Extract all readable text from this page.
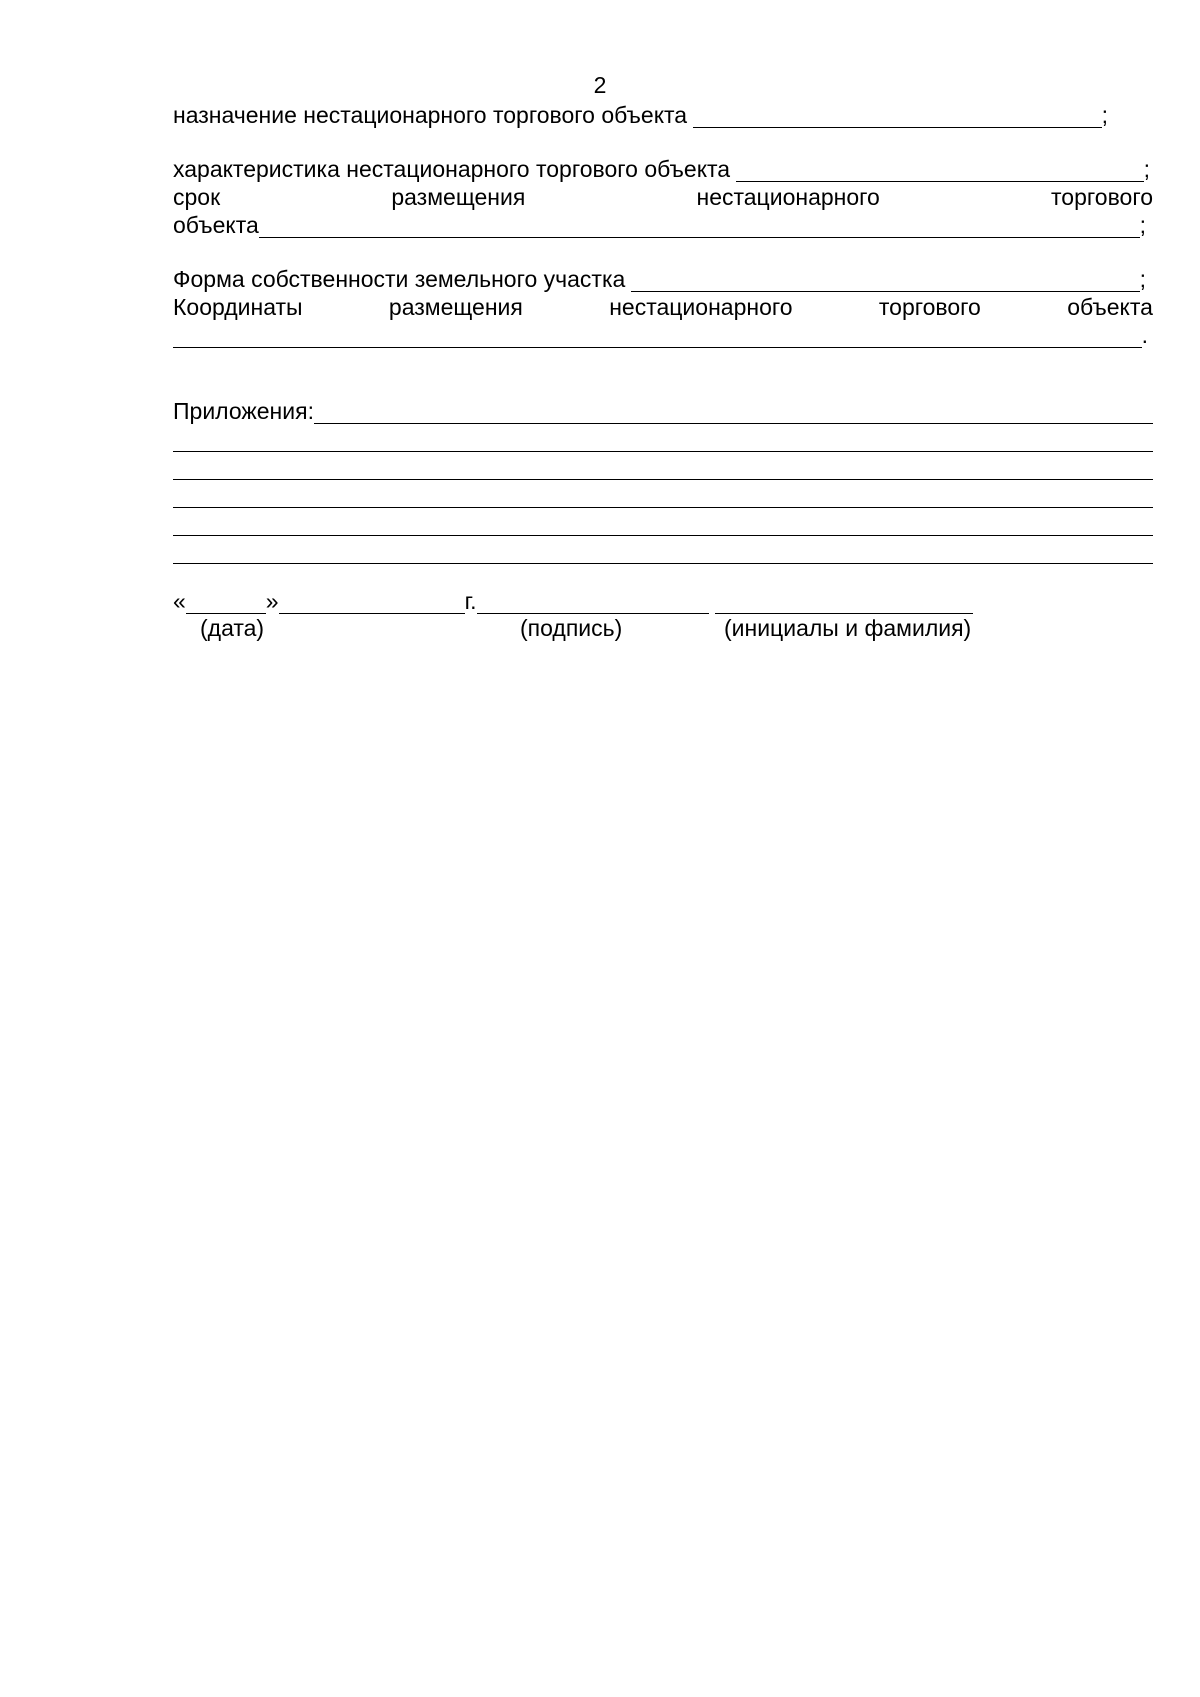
2
назначение нестационарного торгового объекта	;
характеристика нестационарного торгового объекта	;
срок	размещения	нестационарного	торгового
объекта	;
Форма собственности земельного участка	;
Координаты	размещения	нестационарного	торгового	объекта
.
Приложения:
«	»	г.
(дата)	(подпись)	(инициалы и фамилия)
